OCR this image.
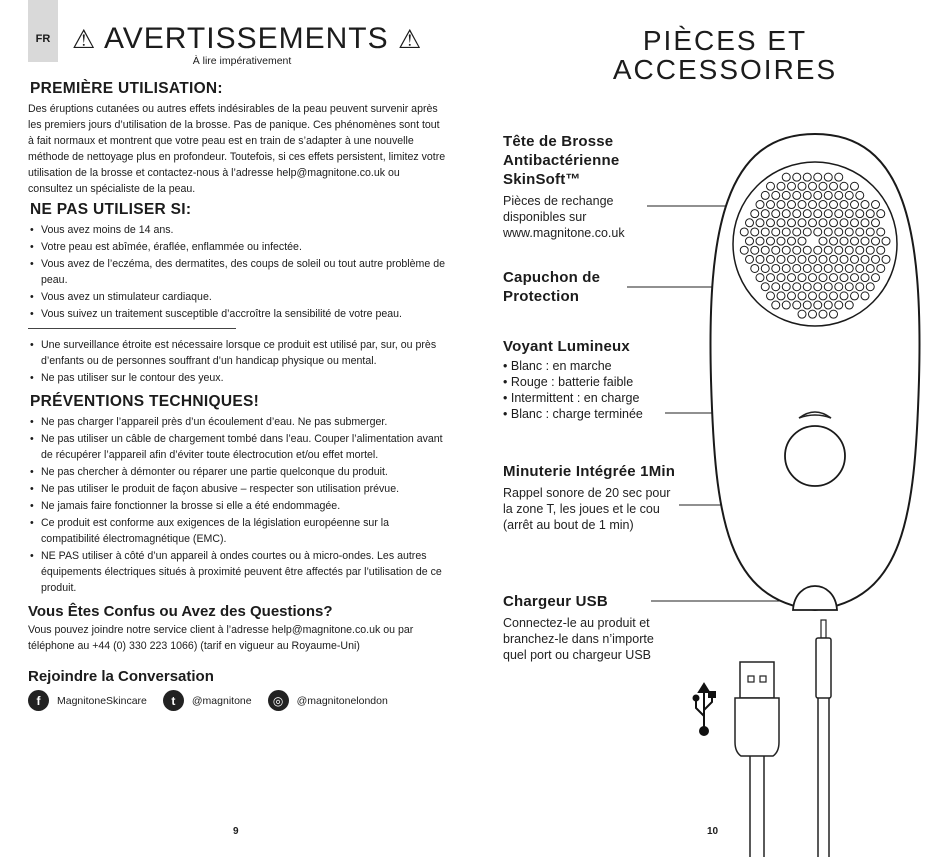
FR ⚠ AVERTISSEMENTS ⚠
À lire impérativement
PREMIÈRE UTILISATION:

Des éruptions cutanées ou autres effets indésirables de la peau peuvent survenir après les premiers jours d’utilisation de la brosse. Pas de panique. Ces phénomènes sont tout à fait normaux et montrent que votre peau est en train de s’adapter à une nouvelle méthode de nettoyage plus en profondeur. Toutefois, si ces effets persistent, limitez votre utilisation de la brosse et contactez-nous à l’adresse help@magnitone.co.uk ou consultez un spécialiste de la peau.

NE PAS UTILISER SI:
• Vous avez moins de 14 ans.
• Votre peau est abîmée, éraflée, enflammée ou infectée.
• Vous avez de l’eczéma, des dermatites, des coups de soleil ou tout autre problème de peau.
• Vous avez un stimulateur cardiaque.
• Vous suivez un traitement susceptible d’accroître la sensibilité de votre peau.
• Une surveillance étroite est nécessaire lorsque ce produit est utilisé par, sur, ou près d’enfants ou de personnes souffrant d’un handicap physique ou mental.
• Ne pas utiliser sur le contour des yeux.
PRÉVENTIONS TECHNIQUES!
• Ne pas charger l’appareil près d’un écoulement d’eau. Ne pas submerger.
• Ne pas utiliser un câble de chargement tombé dans l’eau. Couper l’alimentation avant de récupérer l’appareil afin d’éviter toute électrocution et/ou effet mortel.
• Ne pas chercher à démonter ou réparer une partie quelconque du produit.
• Ne pas utiliser le produit de façon abusive – respecter son utilisation prévue.
• Ne jamais faire fonctionner la brosse si elle a été endommagée.
• Ce produit est conforme aux exigences de la législation européenne sur la compatibilité électromagnétique (EMC).
• NE PAS utiliser à côté d’un appareil à ondes courtes ou à micro-ondes. Les autres équipements électriques situés à proximité peuvent être affectés par l’utilisation de ce produit.
Vous Êtes Confus ou Avez des Questions?

Vous pouvez joindre notre service client à l’adresse help@magnitone.co.uk ou par téléphone au +44 (0) 330 223 1066) (tarif en vigueur au Royaume-Uni)

Rejoindre la Conversation
f	MagnitoneSkincare	t	@magnitone	◎	@magnitonelondon
9
PIÈCES ET
ACCESSOIRES
Tête de Brosse Antibactérienne SkinSoft™
Pièces de rechange disponibles sur www.magnitone.co.uk
Capuchon de Protection
Voyant Lumineux
• Blanc : en marche
• Rouge : batterie faible
• Intermittent : en charge
• Blanc : charge terminée
Minuterie Intégrée 1Min
Rappel sonore de 20 sec pour la zone T, les joues et le cou (arrêt au bout de 1 min)
Chargeur USB
Connectez-le au produit et branchez-le dans n’importe quel port ou chargeur USB
10
